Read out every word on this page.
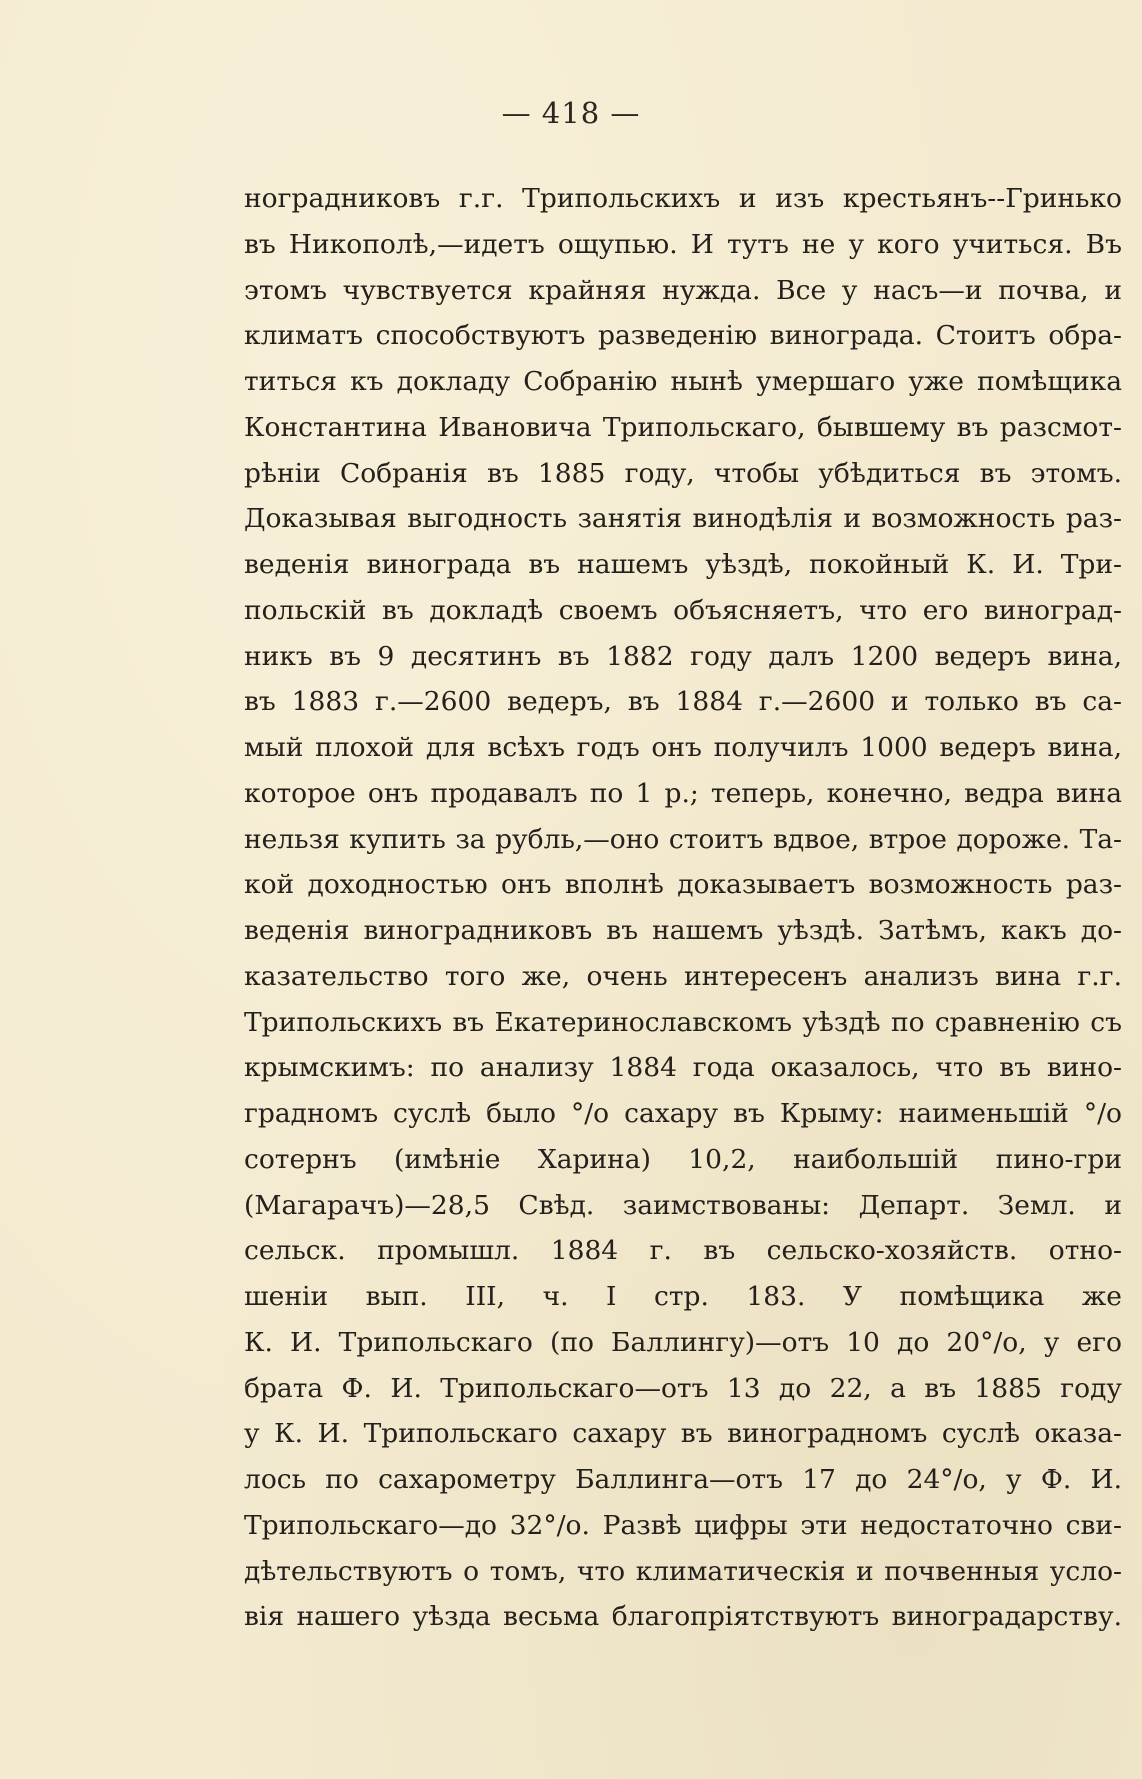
— 418 —
ноградниковъ г.г. Трипольскихъ и изъ крестьянъ--Гринько
въ Никополѣ,—идетъ ощупью. И тутъ не у кого учиться. Въ
этомъ чувствуется крайняя нужда. Все у насъ—и почва, и
климатъ способствуютъ разведенію винограда. Стоитъ обра-
титься къ докладу Собранію нынѣ умершаго уже помѣщика
Константина Ивановича Трипольскаго, бывшему въ разсмот-
рѣніи Собранія въ 1885 году, чтобы убѣдиться въ этомъ.
Доказывая выгодность занятія винодѣлія и возможность раз-
веденія винограда въ нашемъ уѣздѣ, покойный К. И. Три-
польскій въ докладѣ своемъ объясняетъ, что его виноград-
никъ въ 9 десятинъ въ 1882 году далъ 1200 ведеръ вина,
въ 1883 г.—2600 ведеръ, въ 1884 г.—2600 и только въ са-
мый плохой для всѣхъ годъ онъ получилъ 1000 ведеръ вина,
которое онъ продавалъ по 1 р.; теперь, конечно, ведра вина
нельзя купить за рубль,—оно стоитъ вдвое, втрое дороже. Та-
кой доходностью онъ вполнѣ доказываетъ возможность раз-
веденія виноградниковъ въ нашемъ уѣздѣ. Затѣмъ, какъ до-
казательство того же, очень интересенъ анализъ вина г.г.
Трипольскихъ въ Екатеринославскомъ уѣздѣ по сравненію съ
крымскимъ: по анализу 1884 года оказалось, что въ вино-
градномъ суслѣ было °/о сахару въ Крыму: наименьшій °/о
сотернъ (имѣніе Харина) 10,2, наибольшій пино-гри
(Магарачъ)—28,5 Свѣд. заимствованы: Департ. Земл. и
сельск. промышл. 1884 г. въ сельско-хозяйств. отно-
шеніи вып. III, ч. I стр. 183. У помѣщика же
К. И. Трипольскаго (по Баллингу)—отъ 10 до 20°/о, у его
брата Ф. И. Трипольскаго—отъ 13 до 22, а въ 1885 году
у К. И. Трипольскаго сахару въ виноградномъ суслѣ оказа-
лось по сахарометру Баллинга—отъ 17 до 24°/о, у Ф. И.
Трипольскаго—до 32°/о. Развѣ цифры эти недостаточно сви-
дѣтельствуютъ о томъ, что климатическія и почвенныя усло-
вія нашего уѣзда весьма благопріятствуютъ виноградарству.
